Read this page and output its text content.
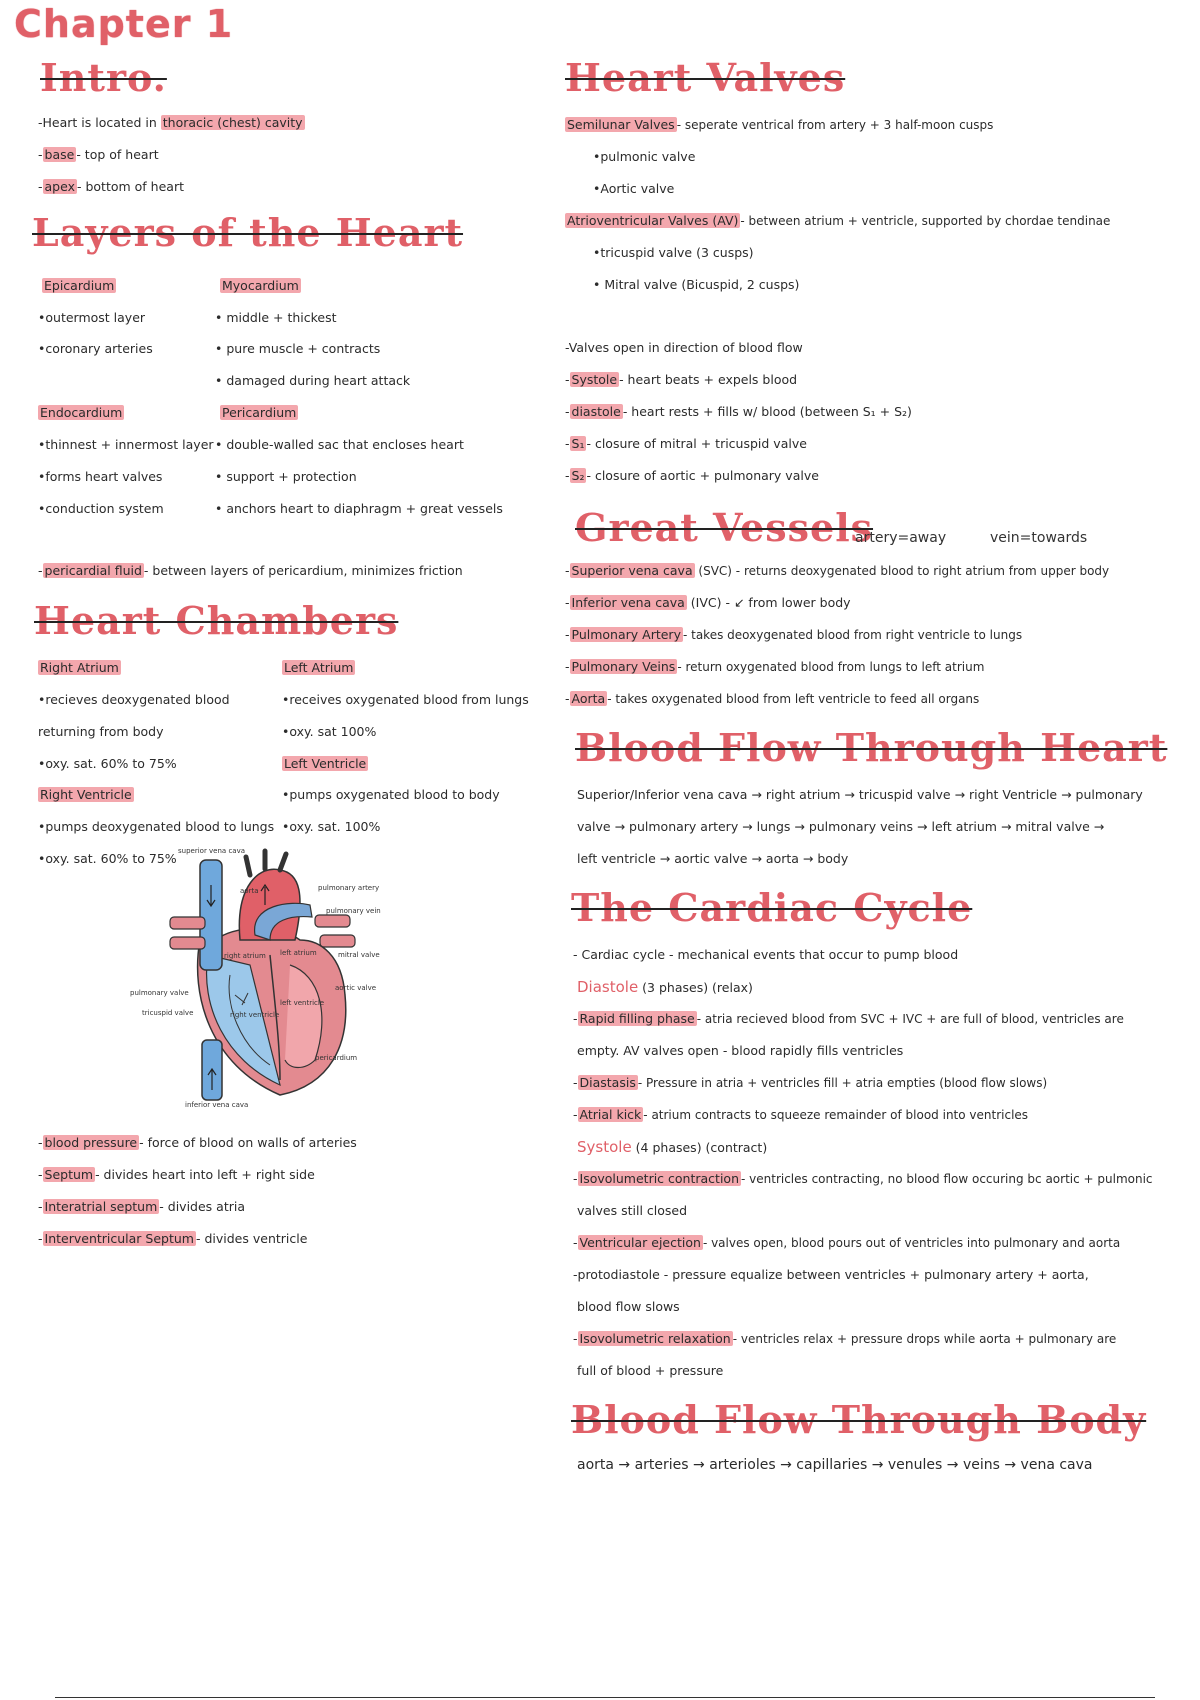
Chapter 1
Intro.
-Heart is located in thoracic (chest) cavity
- base - top of heart
- apex - bottom of heart
Layers of the Heart
Epicardium
•outermost layer
•coronary arteries
Myocardium
• middle + thickest
• pure muscle + contracts
• damaged during heart attack
Endocardium
•thinnest + innermost layer
•forms heart valves
•conduction system
Pericardium
• double-walled sac that encloses heart
• support + protection
• anchors heart to diaphragm + great vessels
- pericardial fluid - between layers of pericardium, minimizes friction
Heart Chambers
Right Atrium
•recieves deoxygenated blood
returning from body
•oxy. sat. 60% to 75%
Right Ventricle
•pumps deoxygenated blood to lungs
•oxy. sat. 60% to 75%
Left Atrium
•receives oxygenated blood from lungs
•oxy. sat 100%
Left Ventricle
•pumps oxygenated blood to body
•oxy. sat. 100%
superior vena cava
aorta	pulmonary artery
pulmonary vein
mitral valve
right atrium left atrium
aortic valve
pulmonary valve
tricuspid valve	right ventricle
left ventricle
inferior vena cava
pericardium
- blood pressure - force of blood on walls of arteries
- Septum - divides heart into left + right side
- Interatrial septum - divides atria
- Interventricular Septum - divides ventricle
Heart Valves
Semilunar Valves - seperate ventrical from artery + 3 half-moon cusps
•pulmonic valve
•Aortic valve
Atrioventricular Valves (AV) - between atrium + ventricle, supported by chordae tendinae
•tricuspid valve (3 cusps)
• Mitral valve (Bicuspid, 2 cusps)
-Valves open in direction of blood flow
- Systole - heart beats + expels blood
- diastole - heart rests + fills w/ blood (between S₁ + S₂)
- S₁ - closure of mitral + tricuspid valve
- S₂ - closure of aortic + pulmonary valve
Great Vessels
artery=away	vein=towards
- Superior vena cava (SVC) - returns deoxygenated blood to right atrium from upper body
- Inferior vena cava (IVC) - ↙ from lower body
- Pulmonary Artery - takes deoxygenated blood from right ventricle to lungs
- Pulmonary Veins - return oxygenated blood from lungs to left atrium
- Aorta - takes oxygenated blood from left ventricle to feed all organs
Blood Flow Through Heart
Superior/Inferior vena cava → right atrium → tricuspid valve → right Ventricle → pulmonary
valve → pulmonary artery → lungs → pulmonary veins → left atrium → mitral valve →
left ventricle → aortic valve → aorta → body
The Cardiac Cycle
- Cardiac cycle - mechanical events that occur to pump blood
Diastole (3 phases) (relax)
- Rapid filling phase - atria recieved blood from SVC + IVC + are full of blood, ventricles are
empty. AV valves open - blood rapidly fills ventricles
- Diastasis - Pressure in atria + ventricles fill + atria empties (blood flow slows)
- Atrial kick - atrium contracts to squeeze remainder of blood into ventricles
Systole (4 phases) (contract)
- Isovolumetric contraction - ventricles contracting, no blood flow occuring bc aortic + pulmonic
valves still closed
- Ventricular ejection - valves open, blood pours out of ventricles into pulmonary and aorta
-protodiastole - pressure equalize between ventricles + pulmonary artery + aorta,
blood flow slows
- Isovolumetric relaxation - ventricles relax + pressure drops while aorta + pulmonary are
full of blood + pressure
Blood Flow Through Body
aorta → arteries → arterioles → capillaries → venules → veins → vena cava
